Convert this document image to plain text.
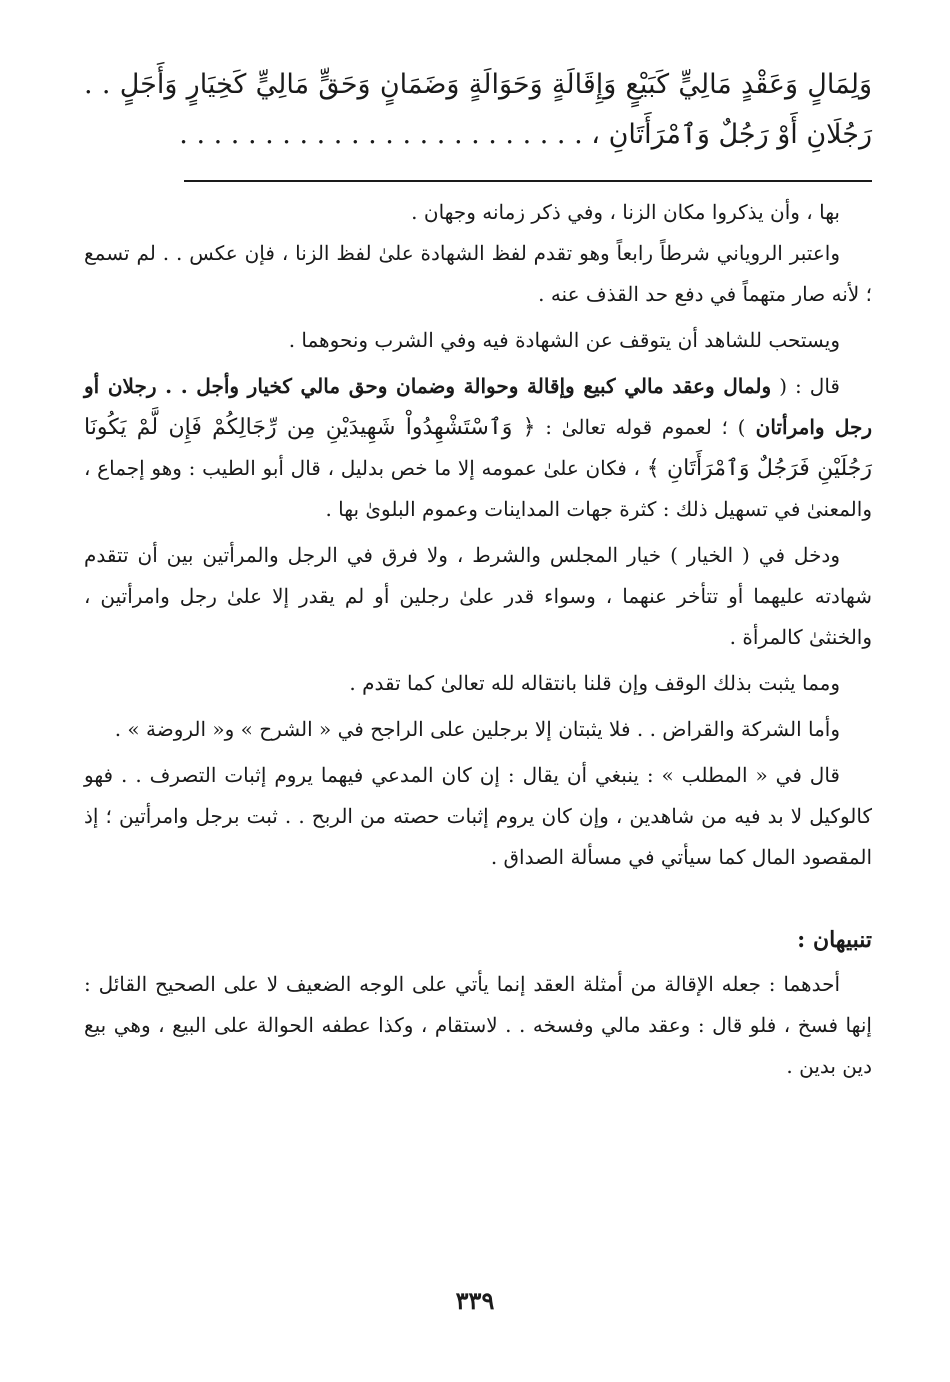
وَلِمَالٍ وَعَقْدٍ مَالِيٍّ كَبَيْعٍ وَإِقَالَةٍ وَحَوَالَةٍ وَضَمَانٍ وَحَقٍّ مَالِيٍّ كَخِيَارٍ وَأَجَلٍ . . رَجُلَانِ أَوْ رَجُلٌ وَٱمْرَأَتَانِ ، . . . . . . . . . . . . . . . . . . . . . . . .

بها ، وأن يذكروا مكان الزنا ، وفي ذكر زمانه وجهان .

واعتبر الروياني شرطاً رابعاً وهو تقدم لفظ الشهادة علىٰ لفظ الزنا ، فإن عكس . . لم تسمع ؛ لأنه صار متهماً في دفع حد القذف عنه .

ويستحب للشاهد أن يتوقف عن الشهادة فيه وفي الشرب ونحوهما .

قال : ( ولمال وعقد مالي كبيع وإقالة وحوالة وضمان وحق مالي كخيار وأجل . . رجلان أو رجل وامرأتان ) ؛ لعموم قوله تعالىٰ : ﴿ وَٱسْتَشْهِدُواْ شَهِيدَيْنِ مِن رِّجَالِكُمْ فَإِن لَّمْ يَكُونَا رَجُلَيْنِ فَرَجُلٌ وَٱمْرَأَتَانِ ﴾ ، فكان علىٰ عمومه إلا ما خص بدليل ، قال أبو الطيب : وهو إجماع ، والمعنىٰ في تسهيل ذلك : كثرة جهات المداينات وعموم البلوىٰ بها .

ودخل في ( الخيار ) خيار المجلس والشرط ، ولا فرق في الرجل والمرأتين بين أن تتقدم شهادته عليهما أو تتأخر عنهما ، وسواء قدر علىٰ رجلين أو لم يقدر إلا علىٰ رجل وامرأتين ، والخنثىٰ كالمرأة .

ومما يثبت بذلك الوقف وإن قلنا بانتقاله لله تعالىٰ كما تقدم .

وأما الشركة والقراض . . فلا يثبتان إلا برجلين على الراجح في « الشرح » و« الروضة » .

قال في « المطلب » : ينبغي أن يقال : إن كان المدعي فيهما يروم إثبات التصرف . . فهو كالوكيل لا بد فيه من شاهدين ، وإن كان يروم إثبات حصته من الربح . . ثبت برجل وامرأتين ؛ إذ المقصود المال كما سيأتي في مسألة الصداق .

تنبيهان :

أحدهما : جعله الإقالة من أمثلة العقد إنما يأتي على الوجه الضعيف لا على الصحيح القائل : إنها فسخ ، فلو قال : وعقد مالي وفسخه . . لاستقام ، وكذا عطفه الحوالة على البيع ، وهي بيع دين بدين .

٣٣٩
